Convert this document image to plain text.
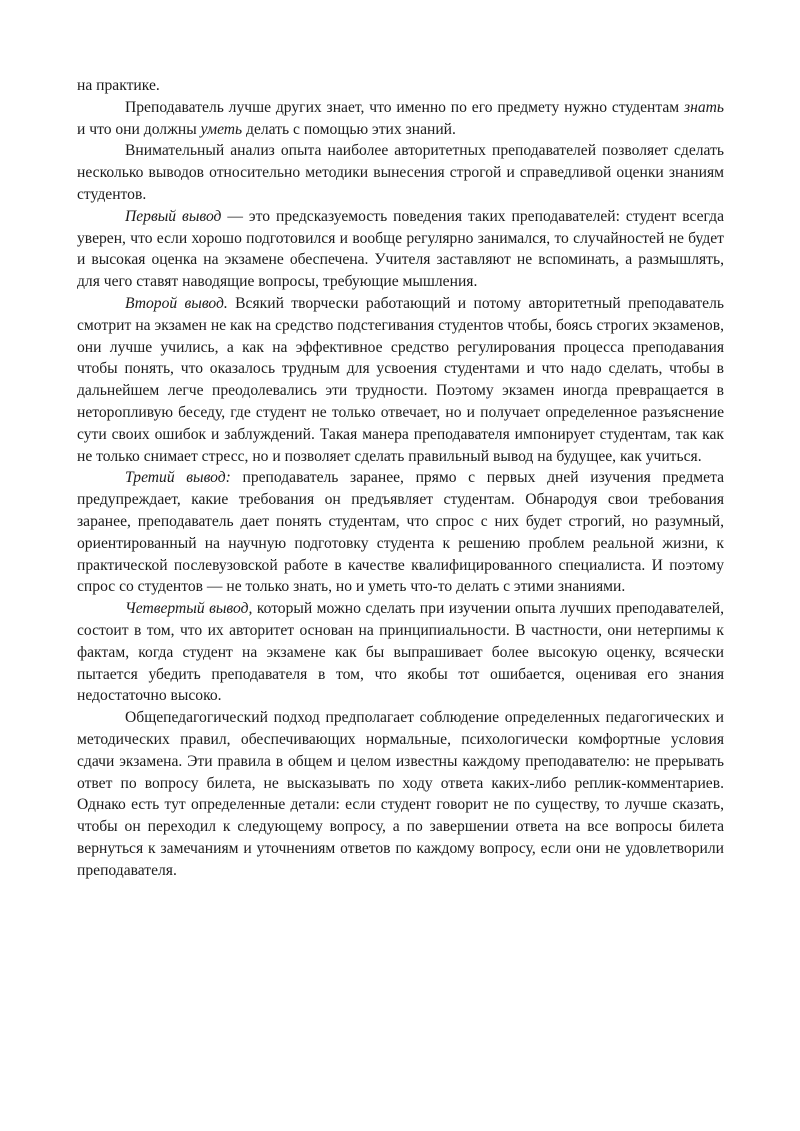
на практике.

Преподаватель лучше других знает, что именно по его предмету нужно студентам знать и что они должны уметь делать с помощью этих знаний.

Внимательный анализ опыта наиболее авторитетных преподавателей позволяет сделать несколько выводов относительно методики вынесения строгой и справедливой оценки знаниям студентов.

Первый вывод — это предсказуемость поведения таких преподавателей: студент всегда уверен, что если хорошо подготовился и вообще регулярно занимался, то случайностей не будет и высокая оценка на экзамене обеспечена. Учителя заставляют не вспоминать, а размышлять, для чего ставят наводящие вопросы, требующие мышления.

Второй вывод. Всякий творчески работающий и потому авторитетный преподаватель смотрит на экзамен не как на средство подстегивания студентов чтобы, боясь строгих экзаменов, они лучше учились, а как на эффективное средство регулирования процесса преподавания чтобы понять, что оказалось трудным для усвоения студентами и что надо сделать, чтобы в дальнейшем легче преодолевались эти трудности. Поэтому экзамен иногда превращается в неторопливую беседу, где студент не только отвечает, но и получает определенное разъяснение сути своих ошибок и заблуждений. Такая манера преподавателя импонирует студентам, так как не только снимает стресс, но и позволяет сделать правильный вывод на будущее, как учиться.

Третий вывод: преподаватель заранее, прямо с первых дней изучения предмета предупреждает, какие требования он предъявляет студентам. Обнародуя свои требования заранее, преподаватель дает понять студентам, что спрос с них будет строгий, но разумный, ориентированный на научную подготовку студента к решению проблем реальной жизни, к практической послевузовской работе в качестве квалифицированного специалиста. И поэтому спрос со студентов — не только знать, но и уметь что-то делать с этими знаниями.

Четвертый вывод, который можно сделать при изучении опыта лучших преподавателей, состоит в том, что их авторитет основан на принципиальности. В частности, они нетерпимы к фактам, когда студент на экзамене как бы выпрашивает более высокую оценку, всячески пытается убедить преподавателя в том, что якобы тот ошибается, оценивая его знания недостаточно высоко.

Общепедагогический подход предполагает соблюдение определенных педагогических и методических правил, обеспечивающих нормальные, психологически комфортные условия сдачи экзамена. Эти правила в общем и целом известны каждому преподавателю: не прерывать ответ по вопросу билета, не высказывать по ходу ответа каких-либо реплик-комментариев. Однако есть тут определенные детали: если студент говорит не по существу, то лучше сказать, чтобы он переходил к следующему вопросу, а по завершении ответа на все вопросы билета вернуться к замечаниям и уточнениям ответов по каждому вопросу, если они не удовлетворили преподавателя.
